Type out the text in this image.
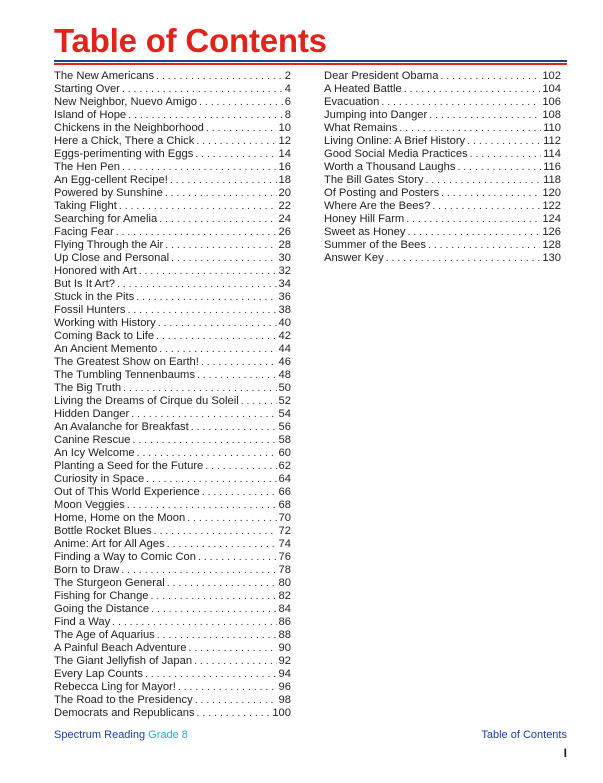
Table of Contents
The New Americans . . .	2
Starting Over . . .	4
New Neighbor, Nuevo Amigo . . .	6
Island of Hope . . .	8
Chickens in the Neighborhood . . .	10
Here a Chick, There a Chick . . .	12
Eggs-perimenting with Eggs . . .	14
The Hen Pen . . .	16
An Egg-cellent Recipe! . . .	18
Powered by Sunshine . . .	20
Taking Flight . . .	22
Searching for Amelia . . .	24
Facing Fear . . .	26
Flying Through the Air . . .	28
Up Close and Personal . . .	30
Honored with Art . . .	32
But Is It Art? . . .	34
Stuck in the Pits . . .	36
Fossil Hunters . . .	38
Working with History . . .	40
Coming Back to Life . . .	42
An Ancient Memento . . .	44
The Greatest Show on Earth! . . .	46
The Tumbling Tennenbaums . . .	48
The Big Truth . . .	50
Living the Dreams of Cirque du Soleil . . .	52
Hidden Danger . . .	54
An Avalanche for Breakfast . . .	56
Canine Rescue . . .	58
An Icy Welcome . . .	60
Planting a Seed for the Future . . .	62
Curiosity in Space . . .	64
Out of This World Experience . . .	66
Moon Veggies . . .	68
Home, Home on the Moon . . .	70
Bottle Rocket Blues . . .	72
Anime: Art for All Ages . . .	74
Finding a Way to Comic Con . . .	76
Born to Draw . . .	78
The Sturgeon General . . .	80
Fishing for Change . . .	82
Going the Distance . . .	84
Find a Way . . .	86
The Age of Aquarius . . .	88
A Painful Beach Adventure . . .	90
The Giant Jellyfish of Japan . . .	92
Every Lap Counts . . .	94
Rebecca Ling for Mayor! . . .	96
The Road to the Presidency . . .	98
Democrats and Republicans . . .	100
Dear President Obama . . .	102
A Heated Battle . . .	104
Evacuation . . .	106
Jumping into Danger . . .	108
What Remains . . .	110
Living Online: A Brief History . . .	112
Good Social Media Practices . . .	114
Worth a Thousand Laughs . . .	116
The Bill Gates Story . . .	118
Of Posting and Posters . . .	120
Where Are the Bees? . . .	122
Honey Hill Farm . . .	124
Sweet as Honey . . .	126
Summer of the Bees . . .	128
Answer Key . . .	130
Spectrum Reading Grade 8	Table of Contents
I
